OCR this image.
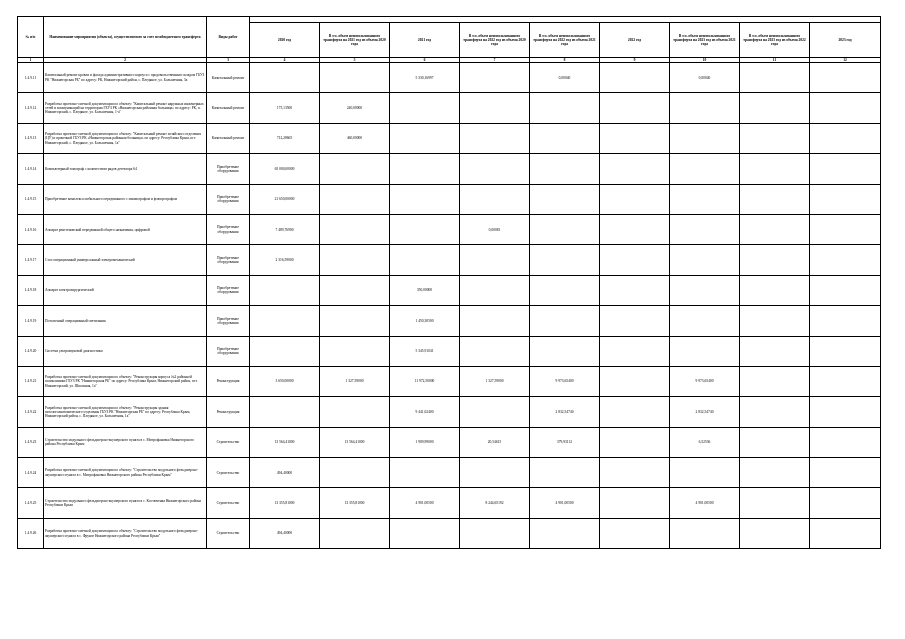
№ п/п	Наименование мероприятия (объекта), осуществляемого за счет межбюджетного трансферта	Виды работ									
			2020 год	В т.ч. объем неиспользованного трансферта на 2021 год из объема 2020 года	2021 год	В т.ч. объем неиспользованного трансферта на 2022 год из объема 2020 года	В т.ч. объем неиспользованного трансферта на 2022 год из объема 2021 года	2022 год	В т.ч. объем неиспользованного трансферта на 2023 год из объема 2021 года	В т.ч. объем неиспользованного трансферта на 2023 год из объема 2022 года	2023 год
1	2	3	4	5	6	7	8	9	10	11	12
1.4.9.11	Капитальный ремонт кровли и фасада административного корпуса с продовольственным складом ГБУЗ РК "Нижнегорская РБ" по адресу: РК, Нижнегорский район, с. Пледяное, ул. Большечная, 3а	Капитальный ремонт			5 330,16997		0,00040		0,00040		
1.4.9.12	Разработка проектно-сметной документации по объекту: "Капитальный ремонт наружных инженерных сетей и коммуникаций на территории ГБУЗ РК «Нижнегорская районная больница» по адресу: РК, п. Нижнегорский, с. Пледяное, ул. Большечная, 1-а"	Капитальный ремонт	175,13500	240,00000							
1.4.9.13	Разработка проектно-сметной документации по объекту: "Капитальный ремонт хозяйского отделения (ЦУ) и прачечной ГБУЗ РК «Нижнегорская районная больница» по адресу: Республика Крым, пгт. Нижнегорский, с. Пледяное, ул. Большечная, 1а"	Капитальный ремонт	712,28665	460,00000							
1.4.9.14	Компьютерный томограф с количеством рядов детектора 64	Приобретение оборудования	65 000,00000								
1.4.9.15	Приобретение комплекса мобильного передвижного с маммографом и флюорографом	Приобретение оборудования	21 650,00000								
1.4.9.16	Аппарат рентгеновский передвижной общего назначения, цифровой	Приобретение оборудования	7 489,76900			0,00081					
1.4.9.17	Стол операционный универсальный электромеханический	Приобретение оборудования	2 316,59000								
1.4.9.18	Аппарат электрохирургический	Приобретение оборудования			350,00000						
1.4.9.19	Потолочный операционный светильник	Приобретение оборудования			1 450,30500						
1.4.9.20	Система ультразвуковой диагностики	Приобретение оборудования			5 345,91041						
1.4.9.21	Разработка проектно-сметной документации по объекту: "Реконструкция корпуса №2 районной поликлиники ГБУЗ РК "Нижнегорская РБ" по адресу: Республика Крым, Нижнегорский район, пгт. Нижнегорский, ул. Школьная, 1а"	Реконструкция	3 650,00000	1 327,59000	11 972,50000	1 327,59000	9 973,65400		9 973,65400		
1.4.9.22	Разработка проектно-сметной документации по объекту: "Реконструкция здания патологоанатомического отделения ГБУЗ РК "Нижнегорская РБ" по адресу: Республика Крым, Нижнегорский район, с. Пледяное, ул. Большечная, 1а"	Реконструкция			9 441,02400		2 832,54740		2 832,54740		
1.4.9.23	Строительство модульного фельдшерско-акушерского пункта в с. Митрофановка Нижнегорского района Республики Крым	Строительство	13 564,41000	13 564,41000	1 909,99000	20,54615	379,93112		6,52536		
1.4.9.24	Разработка проектно-сметной документации по объекту: "Строительство модульного фельдшерско-акушерского пункта в с. Митрофановка Нижнегорского района Республики Крым"	Строительство	494,40000								
1.4.9.25	Строительство модульного фельдшерско-акушерского пункта в с. Костюченка Нижнегорского района Республики Крым	Строительство	13 355,81000	13 355,81000	4 901,00500	8 244,65192	4 901,00500		4 901,00500		
1.4.9.26	Разработка проектно-сметной документации по объекту: "Строительство модульного фельдшерско-акушерского пункта в с. Фрунзе Нижнегорского района Республики Крым"	Строительство	494,40000								
